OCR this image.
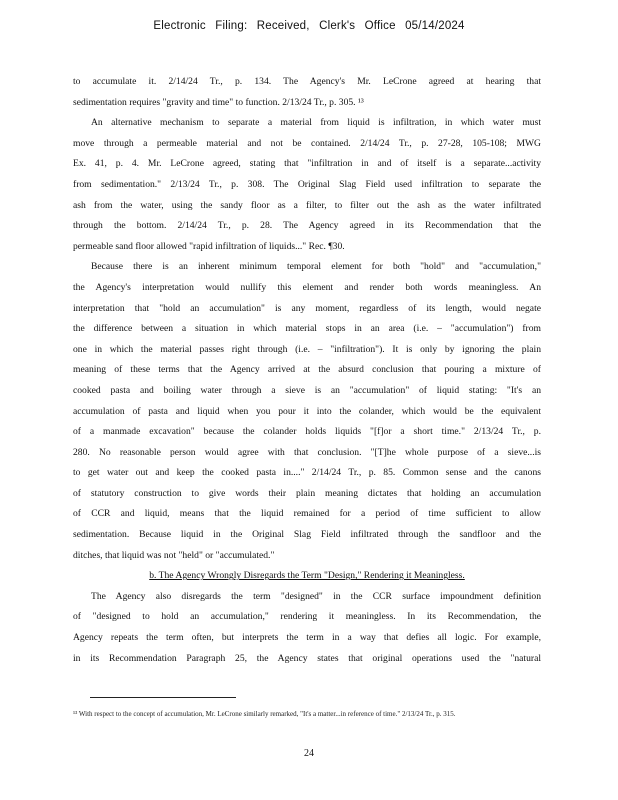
Electronic Filing: Received, Clerk's Office 05/14/2024
to accumulate it. 2/14/24 Tr., p. 134. The Agency's Mr. LeCrone agreed at hearing that
sedimentation requires "gravity and time" to function. 2/13/24 Tr., p. 305. ¹³
An alternative mechanism to separate a material from liquid is infiltration, in which water must
move through a permeable material and not be contained. 2/14/24 Tr., p. 27-28, 105-108; MWG
Ex. 41, p. 4. Mr. LeCrone agreed, stating that "infiltration in and of itself is a separate...activity
from sedimentation." 2/13/24 Tr., p. 308. The Original Slag Field used infiltration to separate the
ash from the water, using the sandy floor as a filter, to filter out the ash as the water infiltrated
through the bottom. 2/14/24 Tr., p. 28. The Agency agreed in its Recommendation that the
permeable sand floor allowed "rapid infiltration of liquids..." Rec. ¶30.
Because there is an inherent minimum temporal element for both "hold" and "accumulation,"
the Agency's interpretation would nullify this element and render both words meaningless. An
interpretation that "hold an accumulation" is any moment, regardless of its length, would negate
the difference between a situation in which material stops in an area (i.e. – "accumulation") from
one in which the material passes right through (i.e. – "infiltration"). It is only by ignoring the plain
meaning of these terms that the Agency arrived at the absurd conclusion that pouring a mixture of
cooked pasta and boiling water through a sieve is an "accumulation" of liquid stating: "It's an
accumulation of pasta and liquid when you pour it into the colander, which would be the equivalent
of a manmade excavation" because the colander holds liquids "[f]or a short time." 2/13/24 Tr., p.
280. No reasonable person would agree with that conclusion. "[T]he whole purpose of a sieve...is
to get water out and keep the cooked pasta in...." 2/14/24 Tr., p. 85. Common sense and the canons
of statutory construction to give words their plain meaning dictates that holding an accumulation
of CCR and liquid, means that the liquid remained for a period of time sufficient to allow
sedimentation. Because liquid in the Original Slag Field infiltrated through the sandfloor and the
ditches, that liquid was not "held" or "accumulated."
b. The Agency Wrongly Disregards the Term "Design," Rendering it Meaningless.
The Agency also disregards the term "designed" in the CCR surface impoundment definition
of "designed to hold an accumulation," rendering it meaningless. In its Recommendation, the
Agency repeats the term often, but interprets the term in a way that defies all logic. For example,
in its Recommendation Paragraph 25, the Agency states that original operations used the "natural
¹³ With respect to the concept of accumulation, Mr. LeCrone similarly remarked, "It's a matter...in reference of time." 2/13/24 Tr., p. 315.
24
